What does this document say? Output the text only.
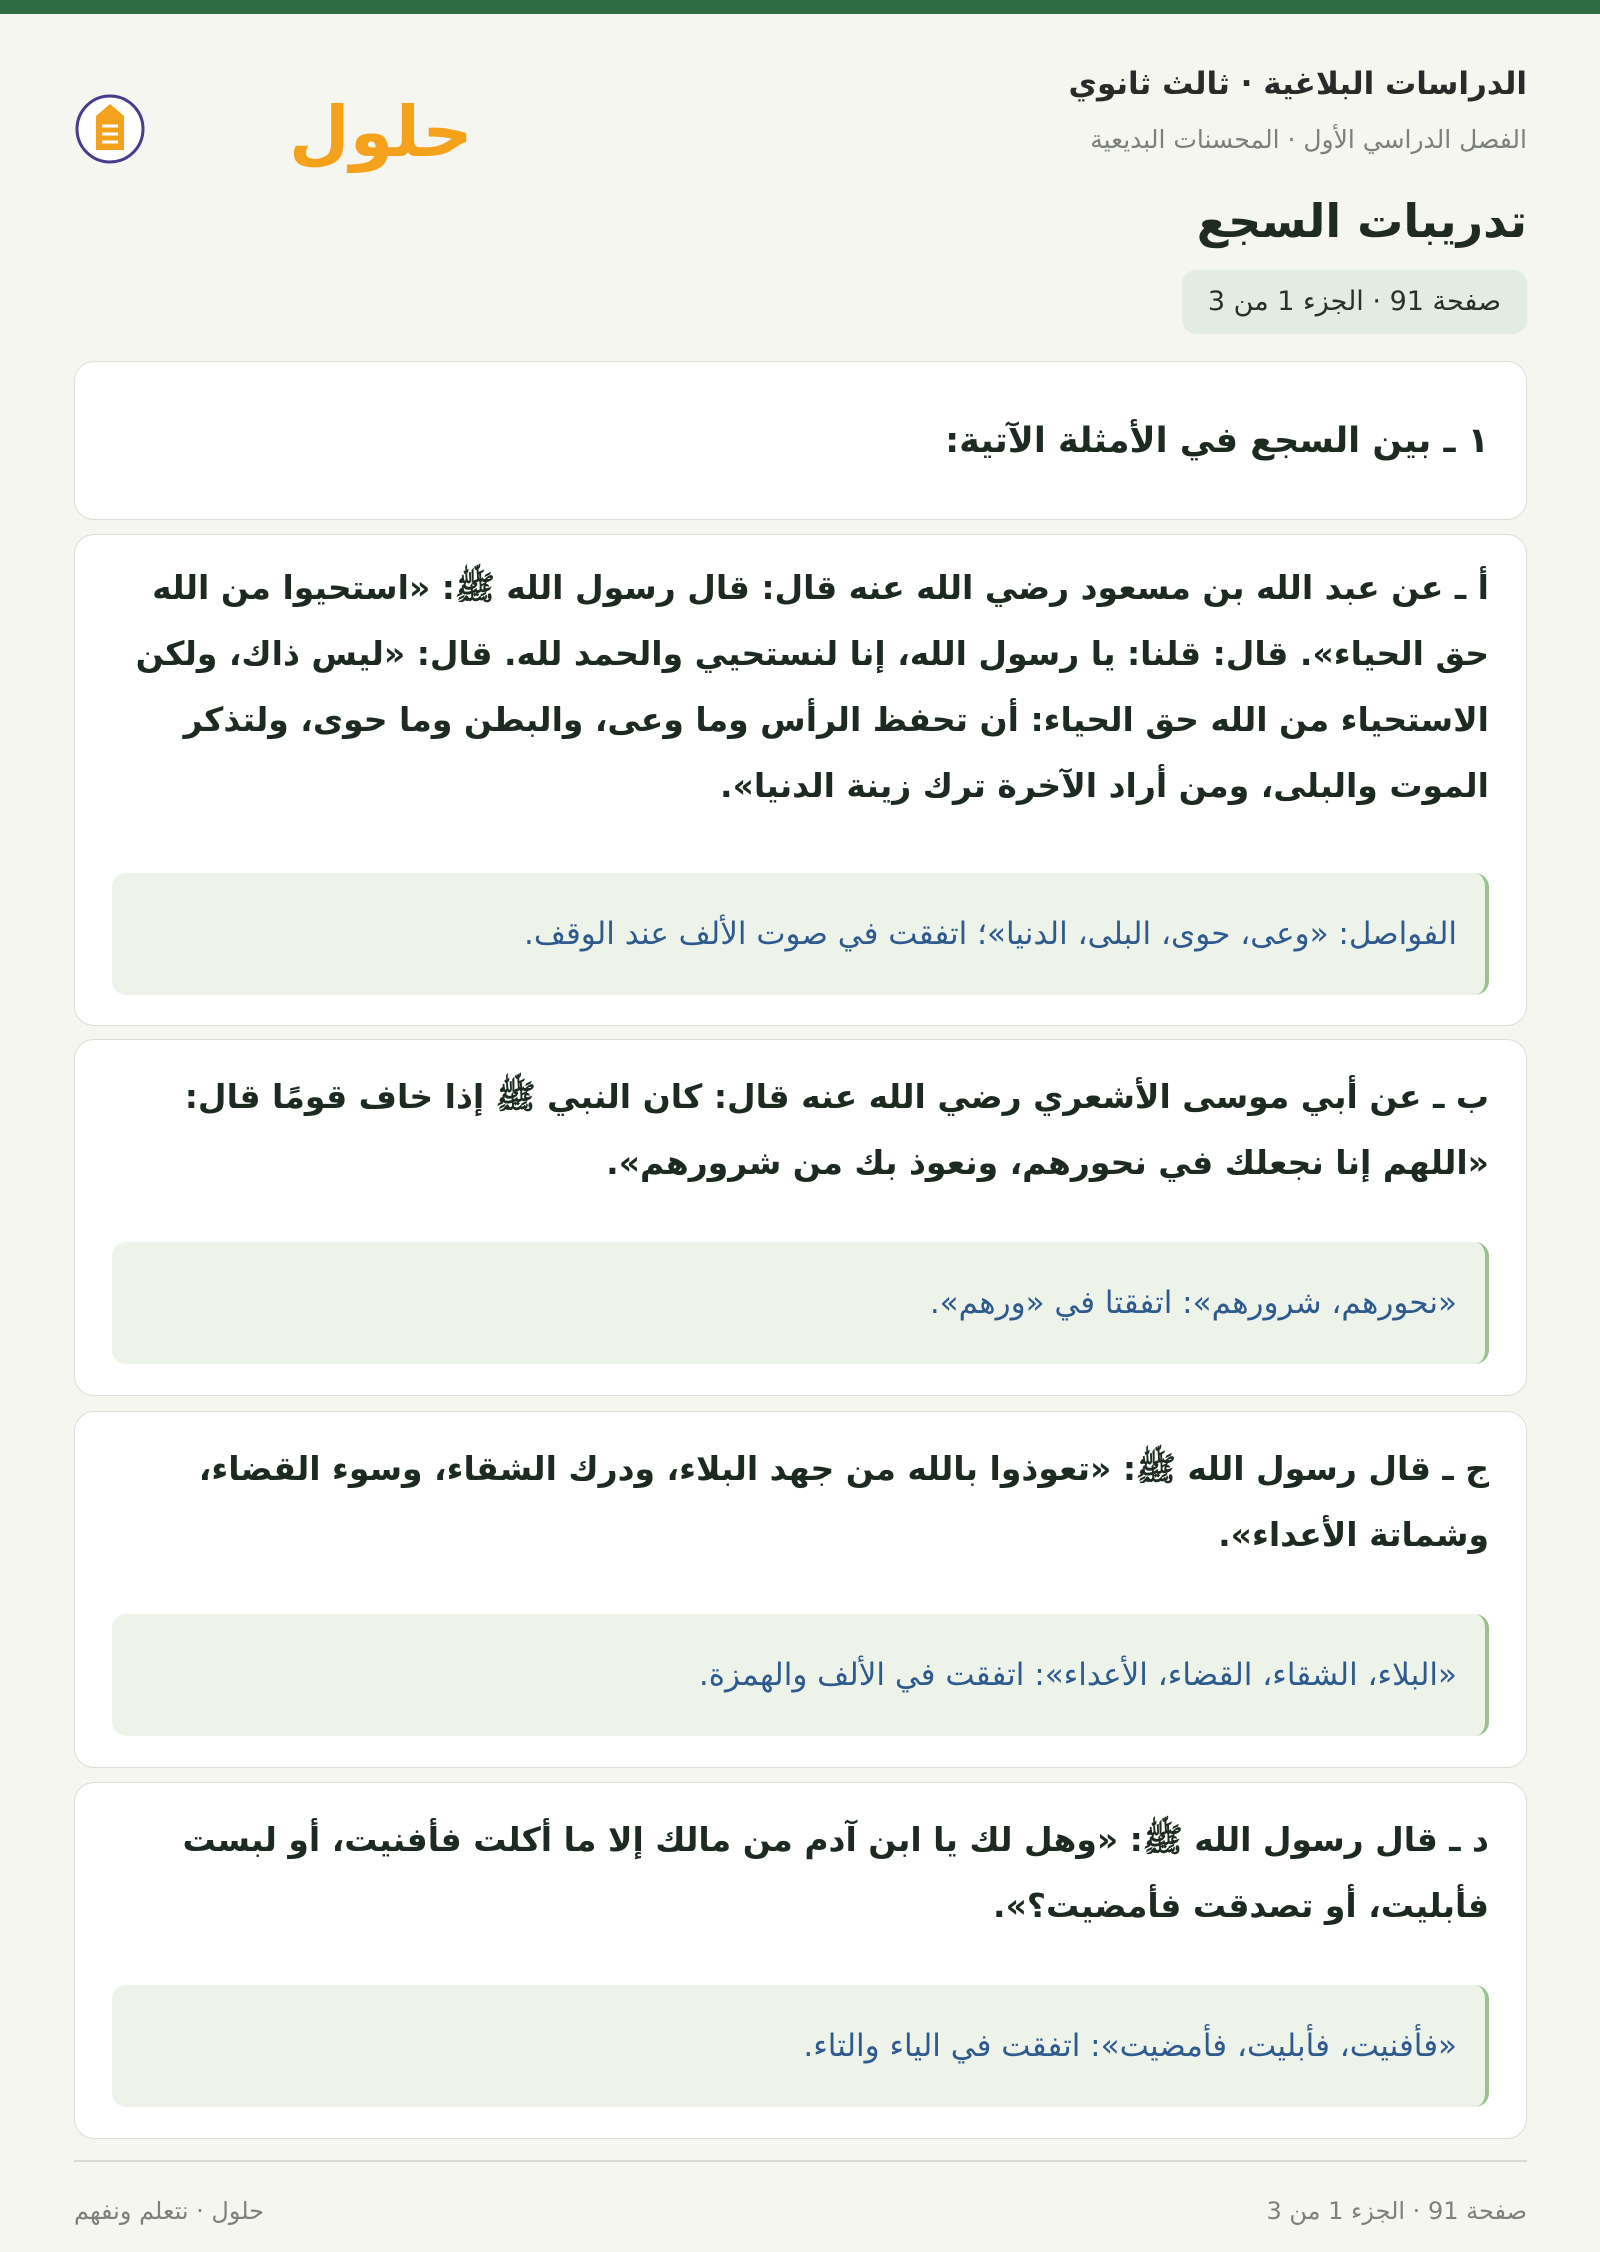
الدراسات البلاغية · ثالث ثانوي
الفصل الدراسي الأول · المحسنات البديعية
حلول
تدريبات السجع
صفحة 91 · الجزء 1 من 3
١ ـ بين السجع في الأمثلة الآتية:
أ ـ عن عبد الله بن مسعود رضي الله عنه قال: قال رسول الله ﷺ: «استحيوا من الله حق الحياء». قال: قلنا: يا رسول الله، إنا لنستحيي والحمد لله. قال: «ليس ذاك، ولكن الاستحياء من الله حق الحياء: أن تحفظ الرأس وما وعى، والبطن وما حوى، ولتذكر الموت والبلى، ومن أراد الآخرة ترك زينة الدنيا».
الفواصل: «وعى، حوى، البلى، الدنيا»؛ اتفقت في صوت الألف عند الوقف.
ب ـ عن أبي موسى الأشعري رضي الله عنه قال: كان النبي ﷺ إذا خاف قومًا قال: «اللهم إنا نجعلك في نحورهم، ونعوذ بك من شرورهم».
«نحورهم، شرورهم»: اتفقتا في «ورهم».
ج ـ قال رسول الله ﷺ: «تعوذوا بالله من جهد البلاء، ودرك الشقاء، وسوء القضاء، وشماتة الأعداء».
«البلاء، الشقاء، القضاء، الأعداء»: اتفقت في الألف والهمزة.
د ـ قال رسول الله ﷺ: «وهل لك يا ابن آدم من مالك إلا ما أكلت فأفنيت، أو لبست فأبليت، أو تصدقت فأمضيت؟».
«فأفنيت، فأبليت، فأمضيت»: اتفقت في الياء والتاء.
صفحة 91 · الجزء 1 من 3
حلول · نتعلم ونفهم
